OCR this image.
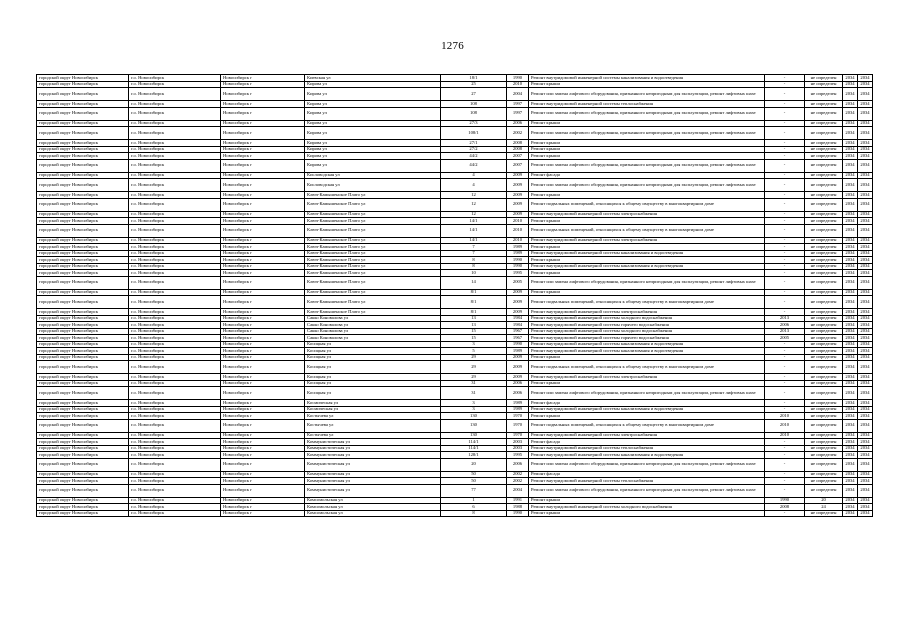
1276
городской округ Новосибирск	г.о. Новосибирск	Новосибирск г	Киевская ул	18/1	1990	Ремонт внутридомовой инженерной системы канализования и водоотведения	-	не определен	2034	2034
городской округ Новосибирск	г.о. Новосибирск	Новосибирск г	Кирова ул	25	2010	Ремонт крыши	-	не определен	2034	2034
городской округ Новосибирск	г.о. Новосибирск	Новосибирск г	Кирова ул	27	2004	Ремонт или замена лифтового оборудования, признанного непригодным для эксплуатации, ремонт лифтовых шахт	-	не определен	2034	2034
городской округ Новосибирск	г.о. Новосибирск	Новосибирск г	Кирова ул	108	1997	Ремонт внутридомовой инженерной системы теплоснабжения	-	не определен	2034	2034
городской округ Новосибирск	г.о. Новосибирск	Новосибирск г	Кирова ул	108	1997	Ремонт или замена лифтового оборудования, признанного непригодным для эксплуатации, ремонт лифтовых шахт	-	не определен	2034	2034
городской округ Новосибирск	г.о. Новосибирск	Новосибирск г	Кирова ул	27/3	2006	Ремонт крыши	-	не определен	2034	2034
городской округ Новосибирск	г.о. Новосибирск	Новосибирск г	Кирова ул	108/1	2002	Ремонт или замена лифтового оборудования, признанного непригодным для эксплуатации, ремонт лифтовых шахт	-	не определен	2034	2034
городской округ Новосибирск	г.о. Новосибирск	Новосибирск г	Кирова ул	27/1	2008	Ремонт крыши	-	не определен	2034	2034
городской округ Новосибирск	г.о. Новосибирск	Новосибирск г	Кирова ул	27/2	2008	Ремонт крыши	-	не определен	2034	2034
городской округ Новосибирск	г.о. Новосибирск	Новосибирск г	Кирова ул	44/2	2007	Ремонт крыши	-	не определен	2034	2034
городской округ Новосибирск	г.о. Новосибирск	Новосибирск г	Кирова ул	44/2	2007	Ремонт или замена лифтового оборудования, признанного непригодным для эксплуатации, ремонт лифтовых шахт	-	не определен	2034	2034
городской округ Новосибирск	г.о. Новосибирск	Новосибирск г	Кисловодская ул	4	2009	Ремонт фасада	-	не определен	2034	2034
городской округ Новосибирск	г.о. Новосибирск	Новосибирск г	Кисловодская ул	4	2009	Ремонт или замена лифтового оборудования, признанного непригодным для эксплуатации, ремонт лифтовых шахт	-	не определен	2034	2034
городской округ Новосибирск	г.о. Новосибирск	Новосибирск г	Ключ-Камышенское Плато ул	12	2009	Ремонт крыши	-	не определен	2034	2034
городской округ Новосибирск	г.о. Новосибирск	Новосибирск г	Ключ-Камышенское Плато ул	12	2009	Ремонт подвальных помещений, относящихся к общему имуществу в многоквартирном доме	-	не определен	2034	2034
городской округ Новосибирск	г.о. Новосибирск	Новосибирск г	Ключ-Камышенское Плато ул	12	2009	Ремонт внутридомовой инженерной системы электроснабжения	-	не определен	2034	2034
городской округ Новосибирск	г.о. Новосибирск	Новосибирск г	Ключ-Камышенское Плато ул	14/1	2010	Ремонт крыши	-	не определен	2034	2034
городской округ Новосибирск	г.о. Новосибирск	Новосибирск г	Ключ-Камышенское Плато ул	14/1	2010	Ремонт подвальных помещений, относящихся к общему имуществу в многоквартирном доме	-	не определен	2034	2034
городской округ Новосибирск	г.о. Новосибирск	Новосибирск г	Ключ-Камышенское Плато ул	14/1	2010	Ремонт внутридомовой инженерной системы электроснабжения	-	не определен	2034	2034
городской округ Новосибирск	г.о. Новосибирск	Новосибирск г	Ключ-Камышенское Плато ул	7	1989	Ремонт крыши	-	не определен	2034	2034
городской округ Новосибирск	г.о. Новосибирск	Новосибирск г	Ключ-Камышенское Плато ул	7	1989	Ремонт внутридомовой инженерной системы канализования и водоотведения	-	не определен	2034	2034
городской округ Новосибирск	г.о. Новосибирск	Новосибирск г	Ключ-Камышенское Плато ул	8	1990	Ремонт крыши	-	не определен	2034	2034
городской округ Новосибирск	г.о. Новосибирск	Новосибирск г	Ключ-Камышенское Плато ул	8	1990	Ремонт внутридомовой инженерной системы канализования и водоотведения	-	не определен	2034	2034
городской округ Новосибирск	г.о. Новосибирск	Новосибирск г	Ключ-Камышенское Плато ул	10	1995	Ремонт крыши	-	не определен	2034	2034
городской округ Новосибирск	г.о. Новосибирск	Новосибирск г	Ключ-Камышенское Плато ул	14	2005	Ремонт или замена лифтового оборудования, признанного непригодным для эксплуатации, ремонт лифтовых шахт	-	не определен	2034	2034
городской округ Новосибирск	г.о. Новосибирск	Новосибирск г	Ключ-Камышенское Плато ул	8/1	2009	Ремонт крыши	-	не определен	2034	2034
городской округ Новосибирск	г.о. Новосибирск	Новосибирск г	Ключ-Камышенское Плато ул	8/1	2009	Ремонт подвальных помещений, относящихся к общему имуществу в многоквартирном доме	-	не определен	2034	2034
городской округ Новосибирск	г.о. Новосибирск	Новосибирск г	Ключ-Камышенское Плато ул	8/1	2009	Ремонт внутридомовой инженерной системы электроснабжения	-	не определен	2034	2034
городской округ Новосибирск	г.о. Новосибирск	Новосибирск г	Сакко Коновалова ул	13	1984	Ремонт внутридомовой инженерной системы холодного водоснабжения	2013	не определен	2034	2034
городской округ Новосибирск	г.о. Новосибирск	Новосибирск г	Сакко Коновалова ул	13	1984	Ремонт внутридомовой инженерной системы горячего водоснабжения	2006	не определен	2034	2034
городской округ Новосибирск	г.о. Новосибирск	Новосибирск г	Сакко Коновалова ул	15	1967	Ремонт внутридомовой инженерной системы холодного водоснабжения	2013	не определен	2034	2034
городской округ Новосибирск	г.о. Новосибирск	Новосибирск г	Сакко Коновалова ул	15	1967	Ремонт внутридомовой инженерной системы горячего водоснабжения	2005	не определен	2034	2034
городской округ Новосибирск	г.о. Новосибирск	Новосибирск г	Косицкая ул	3	1990	Ремонт внутридомовой инженерной системы канализования и водоотведения	-	не определен	2034	2034
городской округ Новосибирск	г.о. Новосибирск	Новосибирск г	Косицкая ул	5	1989	Ремонт внутридомовой инженерной системы канализования и водоотведения	-	не определен	2034	2034
городской округ Новосибирск	г.о. Новосибирск	Новосибирск г	Косицкая ул	29	2009	Ремонт крыши	-	не определен	2034	2034
городской округ Новосибирск	г.о. Новосибирск	Новосибирск г	Косицкая ул	29	2009	Ремонт подвальных помещений, относящихся к общему имуществу в многоквартирном доме	-	не определен	2034	2034
городской округ Новосибирск	г.о. Новосибирск	Новосибирск г	Косицкая ул	29	2009	Ремонт внутридомовой инженерной системы электроснабжения	-	не определен	2034	2034
городской округ Новосибирск	г.о. Новосибирск	Новосибирск г	Косицкая ул	31	2006	Ремонт крыши	-	не определен	2034	2034
городской округ Новосибирск	г.о. Новосибирск	Новосибирск г	Косицкая ул	31	2006	Ремонт или замена лифтового оборудования, признанного непригодным для эксплуатации, ремонт лифтовых шахт	-	не определен	2034	2034
городской округ Новосибирск	г.о. Новосибирск	Новосибирск г	Космическая ул	3	1989	Ремонт фасада	-	не определен	2034	2034
городской округ Новосибирск	г.о. Новосибирск	Новосибирск г	Космическая ул	3	1989	Ремонт внутридомовой инженерной системы канализования и водоотведения	-	не определен	2034	2034
городской округ Новосибирск	г.о. Новосибирск	Новосибирск г	Костычева ул	130	1970	Ремонт крыши	2010	не определен	2034	2034
городской округ Новосибирск	г.о. Новосибирск	Новосибирск г	Костычева ул	130	1970	Ремонт подвальных помещений, относящихся к общему имуществу в многоквартирном доме	2010	не определен	2034	2034
городской округ Новосибирск	г.о. Новосибирск	Новосибирск г	Костычева ул	130	1970	Ремонт внутридомовой инженерной системы электроснабжения	2010	не определен	2034	2034
городской округ Новосибирск	г.о. Новосибирск	Новосибирск г	Коммунистическая ул	114/1	2003	Ремонт фасада	-	не определен	2034	2034
городской округ Новосибирск	г.о. Новосибирск	Новосибирск г	Коммунистическая ул	114/1	2003	Ремонт внутридомовой инженерной системы теплоснабжения	-	не определен	2034	2034
городской округ Новосибирск	г.о. Новосибирск	Новосибирск г	Коммунистическая ул	128/1	1995	Ремонт внутридомовой инженерной системы канализования и водоотведения	-	не определен	2034	2034
городской округ Новосибирск	г.о. Новосибирск	Новосибирск г	Коммунистическая ул	20	2006	Ремонт или замена лифтового оборудования, признанного непригодным для эксплуатации, ремонт лифтовых шахт	-	не определен	2034	2034
городской округ Новосибирск	г.о. Новосибирск	Новосибирск г	Коммунистическая ул	50	2002	Ремонт фасада	-	не определен	2034	2034
городской округ Новосибирск	г.о. Новосибирск	Новосибирск г	Коммунистическая ул	50	2002	Ремонт внутридомовой инженерной системы теплоснабжения	-	не определен	2034	2034
городской округ Новосибирск	г.о. Новосибирск	Новосибирск г	Коммунистическая ул	77	2004	Ремонт или замена лифтового оборудования, признанного непригодным для эксплуатации, ремонт лифтовых шахт	-	не определен	2034	2034
городской округ Новосибирск	г.о. Новосибирск	Новосибирск г	Комсомольская ул	1	1991	Ремонт крыши	1990	20	2034	2034
городской округ Новосибирск	г.о. Новосибирск	Новосибирск г	Комсомольская ул	6	1988	Ремонт внутридомовой инженерной системы холодного водоснабжения	2008	24	2034	2034
городской округ Новосибирск	г.о. Новосибирск	Новосибирск г	Комсомольская ул	8	1990	Ремонт крыши	-	не определен	2034	2034
